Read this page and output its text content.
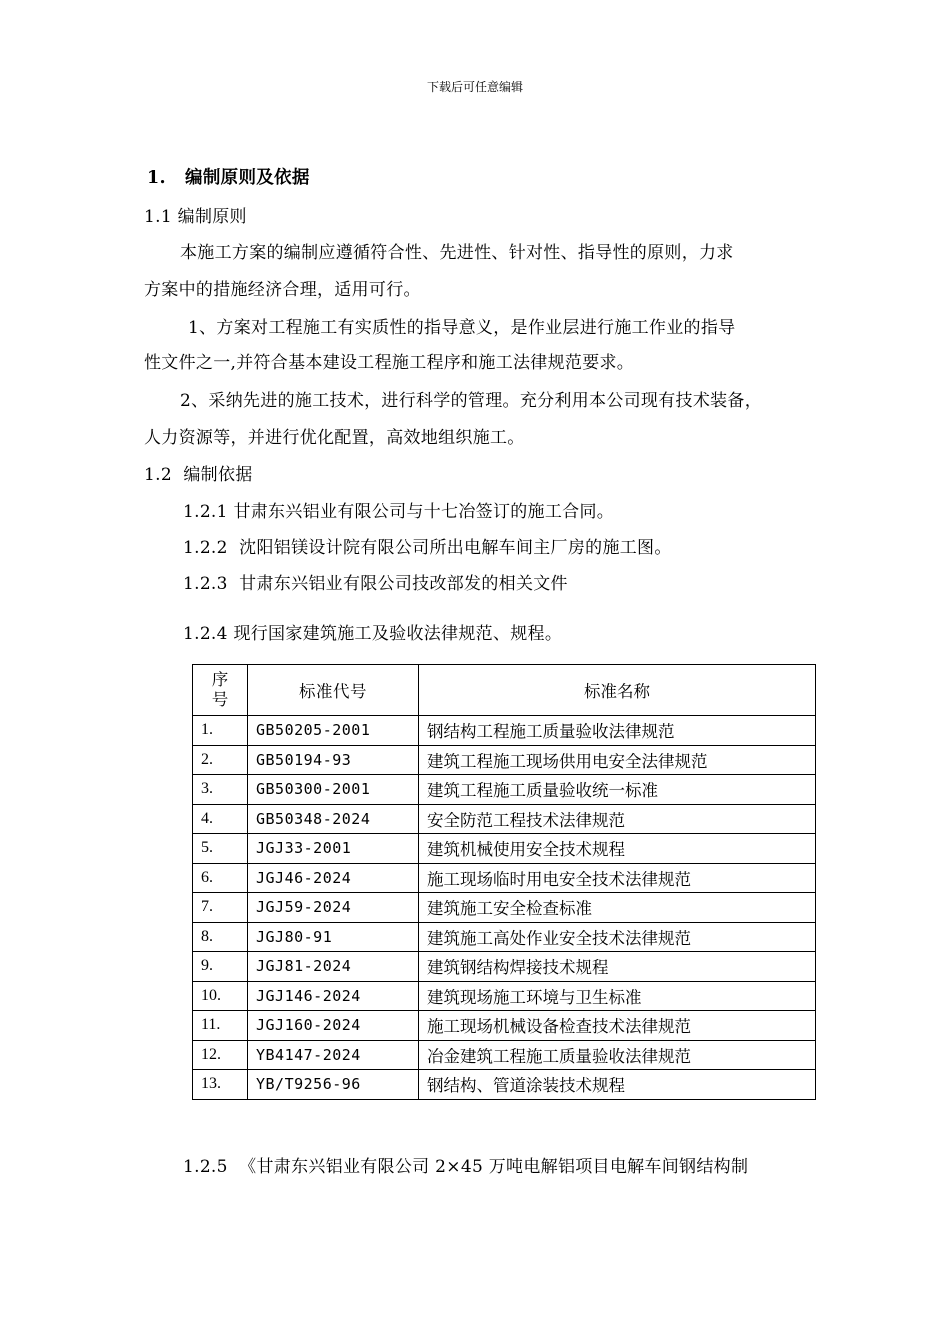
下载后可任意编辑
1.   编制原则及依据
1.1 编制原则
本施工方案的编制应遵循符合性、先进性、针对性、指导性的原则，力求
方案中的措施经济合理，适用可行。
1、方案对工程施工有实质性的指导意义，是作业层进行施工作业的指导
性文件之一,并符合基本建设工程施工程序和施工法律规范要求。
2、采纳先进的施工技术，进行科学的管理。充分利用本公司现有技术装备，
人力资源等，并进行优化配置，高效地组织施工。
1.2  编制依据
1.2.1 甘肃东兴铝业有限公司与十七冶签订的施工合同。
1.2.2  沈阳铝镁设计院有限公司所出电解车间主厂房的施工图。
1.2.3  甘肃东兴铝业有限公司技改部发的相关文件
1.2.4 现行国家建筑施工及验收法律规范、规程。
序
号	标准代号	标准名称
1.	GB50205-2001	钢结构工程施工质量验收法律规范
2.	GB50194-93	建筑工程施工现场供用电安全法律规范
3.	GB50300-2001	建筑工程施工质量验收统一标准
4.	GB50348-2024	安全防范工程技术法律规范
5.	JGJ33-2001	建筑机械使用安全技术规程
6.	JGJ46-2024	施工现场临时用电安全技术法律规范
7.	JGJ59-2024	建筑施工安全检查标准
8.	JGJ80-91	建筑施工高处作业安全技术法律规范
9.	JGJ81-2024	建筑钢结构焊接技术规程
10.	JGJ146-2024	建筑现场施工环境与卫生标准
11.	JGJ160-2024	施工现场机械设备检查技术法律规范
12.	YB4147-2024	冶金建筑工程施工质量验收法律规范
13.	YB/T9256-96	钢结构、管道涂装技术规程
1.2.5  《甘肃东兴铝业有限公司 2×45 万吨电解铝项目电解车间钢结构制
